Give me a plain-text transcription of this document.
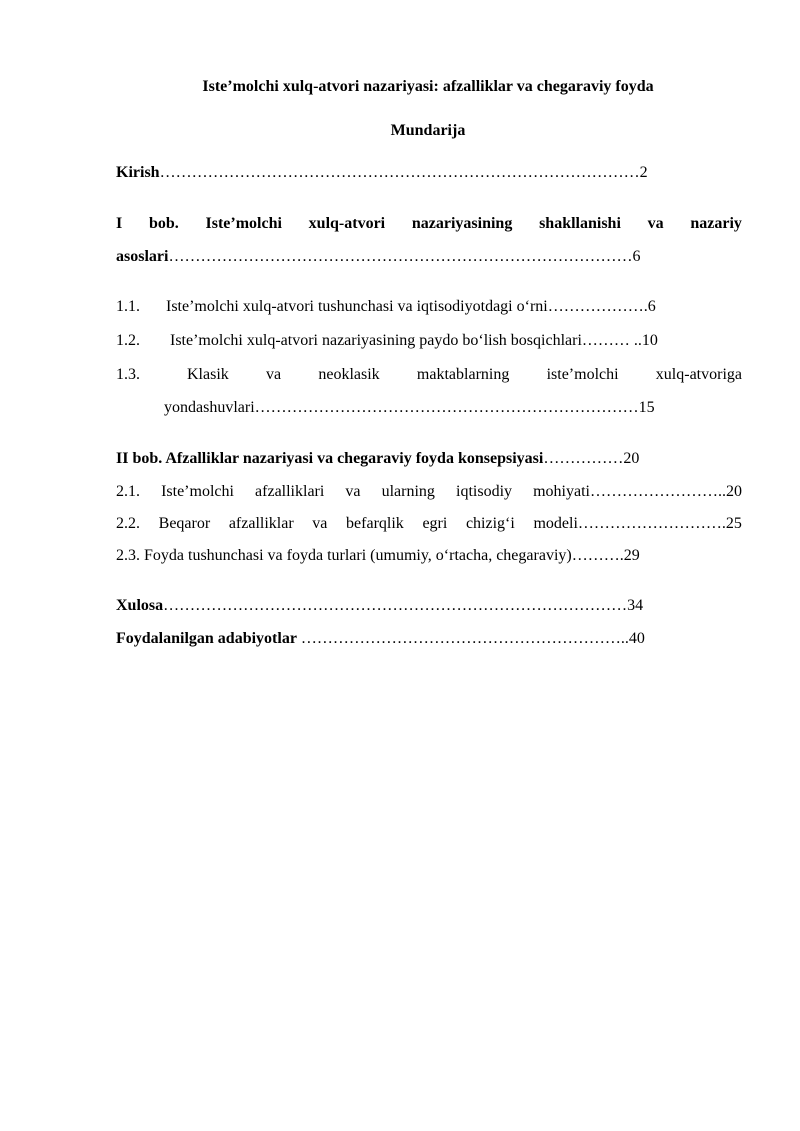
Iste’molchi xulq-atvori nazariyasi: afzalliklar va chegaraviy foyda
Mundarija
Kirish………………………………………………………………………………2
I bob. Iste’molchi xulq-atvori nazariyasining shakllanishi va nazariy
asoslari……………………………………………………………………………6
1.1. Iste’molchi xulq-atvori tushunchasi va iqtisodiyotdagi o‘rni……………….6
1.2. Iste’molchi xulq-atvori nazariyasining paydo bo‘lish bosqichlari……… ..10
1.3.	Klasik va neoklasik maktablarning iste’molchi xulq-atvoriga
yondashuvlari………………………………………………………………15
II bob. Afzalliklar nazariyasi va chegaraviy foyda konsepsiyasi……………20
2.1. Iste’molchi afzalliklari va ularning iqtisodiy mohiyati……………………..20
2.2. Beqaror afzalliklar va befarqlik egri chizig‘i modeli……………………….25
2.3. Foyda tushunchasi va foyda turlari (umumiy, o‘rtacha, chegaraviy)……….29
Xulosa……………………………………………………………………………34
Foydalanilgan adabiyotlar ……………………………………………………..40
